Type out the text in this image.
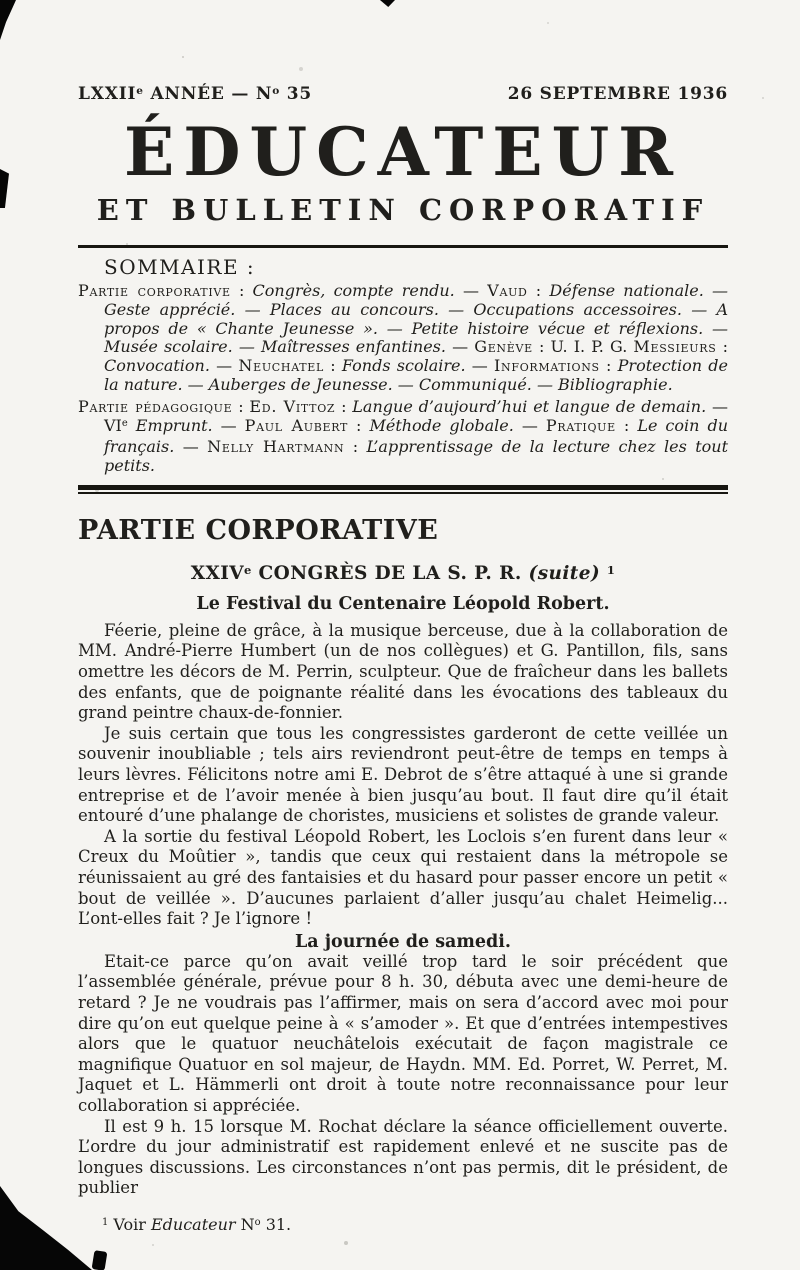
LXXIIe ANNÉE — $N^o$ 35	26 SEPTEMBRE 1936
ÉDUCATEUR
ET BULLETIN CORPORATIF
SOMMAIRE :

Partie corporative : Congrès, compte rendu. — Vaud : Défense nationale. — Geste apprécié. — Places au concours. — Occupations accessoires. — A propos de « Chante Jeunesse ». — Petite histoire vécue et réflexions. — Musée scolaire. — Maîtresses enfantines. — Genève : U. I. P. G. Messieurs : Convocation. — Neuchatel : Fonds scolaire. — Informations : Protection de la nature. — Auberges de Jeunesse. — Communiqué. — Bibliographie.

Partie pédagogique : Ed. Vittoz : Langue d’aujourd’hui et langue de demain. — VIe Emprunt. — Paul Aubert : Méthode globale. — Pratique : Le coin du français. — Nelly Hartmann : L’apprentissage de la lecture chez les tout petits.

PARTIE CORPORATIVE
XXIVe CONGRÈS DE LA S. P. R. (suite) $^1$
Le Festival du Centenaire Léopold Robert.

Féerie, pleine de grâce, à la musique berceuse, due à la collaboration de MM. André-Pierre Humbert (un de nos collègues) et G. Pantillon, fils, sans omettre les décors de M. Perrin, sculpteur. Que de fraîcheur dans les ballets des enfants, que de poignante réalité dans les évocations des tableaux du grand peintre chaux-de-fonnier.

Je suis certain que tous les congressistes garderont de cette veillée un souvenir inoubliable ; tels airs reviendront peut-être de temps en temps à leurs lèvres. Félicitons notre ami E. Debrot de s’être attaqué à une si grande entreprise et de l’avoir menée à bien jusqu’au bout. Il faut dire qu’il était entouré d’une phalange de choristes, musiciens et solistes de grande valeur.

A la sortie du festival Léopold Robert, les Loclois s’en furent dans leur « Creux du Moûtier », tandis que ceux qui restaient dans la métropole se réunissaient au gré des fantaisies et du hasard pour passer encore un petit « bout de veillée ». D’aucunes parlaient d’aller jusqu’au chalet Heimelig... L’ont-elles fait ? Je l’ignore !

La journée de samedi.

Etait-ce parce qu’on avait veillé trop tard le soir précédent que l’assemblée générale, prévue pour 8 h. 30, débuta avec une demi-heure de retard ? Je ne voudrais pas l’affirmer, mais on sera d’accord avec moi pour dire qu’on eut quelque peine à « s’amoder ». Et que d’entrées intempestives alors que le quatuor neuchâtelois exécutait de façon magistrale ce magnifique Quatuor en sol majeur, de Haydn. MM. Ed. Porret, W. Perret, M. Jaquet et L. Hämmerli ont droit à toute notre reconnaissance pour leur collaboration si appréciée.

Il est 9 h. 15 lorsque M. Rochat déclare la séance officiellement ouverte. L’ordre du jour administratif est rapidement enlevé et ne suscite pas de longues discussions. Les circonstances n’ont pas permis, dit le président, de publier

$^1$ Voir Educateur $N^o$ 31.
